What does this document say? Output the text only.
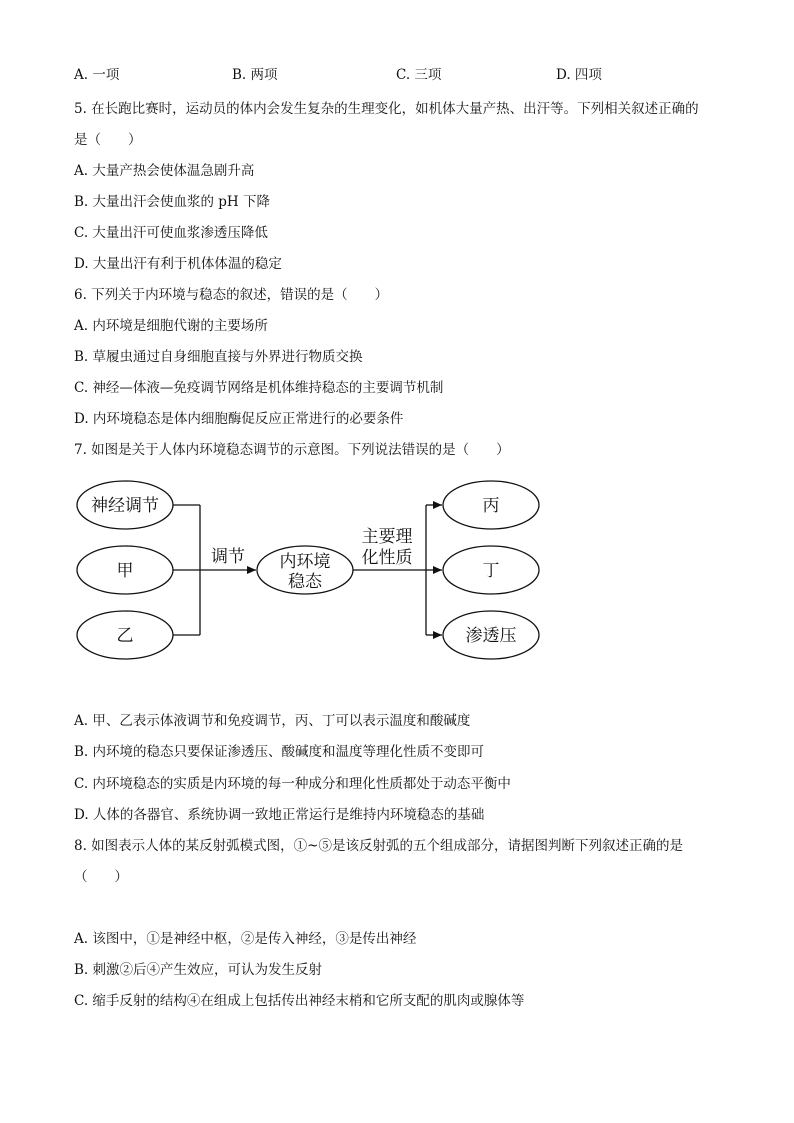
A. 一项	B. 两项	C. 三项	D. 四项
5. 在长跑比赛时，运动员的体内会发生复杂的生理变化，如机体大量产热、出汗等。下列相关叙述正确的
是（　　）
A. 大量产热会使体温急剧升高
B. 大量出汗会使血浆的 pH 下降
C. 大量出汗可使血浆渗透压降低
D. 大量出汗有利于机体体温的稳定
6. 下列关于内环境与稳态的叙述，错误的是（　　）
A. 内环境是细胞代谢的主要场所
B. 草履虫通过自身细胞直接与外界进行物质交换
C. 神经—体液—免疫调节网络是机体维持稳态的主要调节机制
D. 内环境稳态是体内细胞酶促反应正常进行的必要条件
7. 如图是关于人体内环境稳态调节的示意图。下列说法错误的是（　　）
神经调节
甲
乙
调节 内环境
稳态
主要理
化性质
丙
丁
渗透压
A. 甲、乙表示体液调节和免疫调节，丙、丁可以表示温度和酸碱度
B. 内环境的稳态只要保证渗透压、酸碱度和温度等理化性质不变即可
C. 内环境稳态的实质是内环境的每一种成分和理化性质都处于动态平衡中
D. 人体的各器官、系统协调一致地正常运行是维持内环境稳态的基础
8. 如图表示人体的某反射弧模式图，①~⑤是该反射弧的五个组成部分，请据图判断下列叙述正确的是
（　　）
A. 该图中，①是神经中枢，②是传入神经，③是传出神经
B. 刺激②后④产生效应，可认为发生反射
C. 缩手反射的结构④在组成上包括传出神经末梢和它所支配的肌肉或腺体等
